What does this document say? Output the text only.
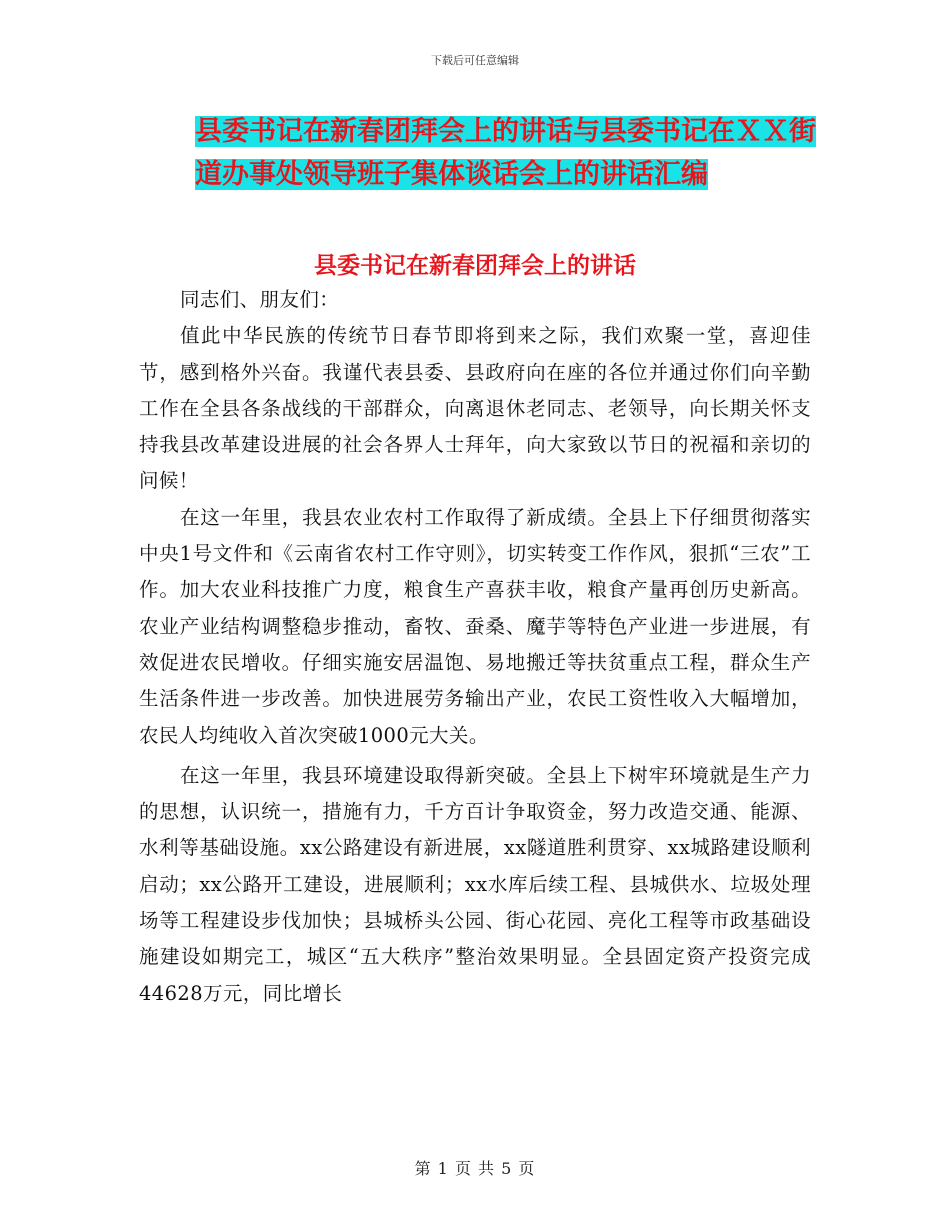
下载后可任意编辑
县委书记在新春团拜会上的讲话与县委书记在ＸＸ街
道办事处领导班子集体谈话会上的讲话汇编
县委书记在新春团拜会上的讲话

同志们、朋友们：

值此中华民族的传统节日春节即将到来之际，我们欢聚一堂，喜迎佳节，感到格外兴奋。我谨代表县委、县政府向在座的各位并通过你们向辛勤工作在全县各条战线的干部群众，向离退休老同志、老领导，向长期关怀支持我县改革建设进展的社会各界人士拜年，向大家致以节日的祝福和亲切的问候！

在这一年里，我县农业农村工作取得了新成绩。全县上下仔细贯彻落实中央1号文件和《云南省农村工作守则》，切实转变工作作风，狠抓“三农”工作。加大农业科技推广力度，粮食生产喜获丰收，粮食产量再创历史新高。农业产业结构调整稳步推动，畜牧、蚕桑、魔芋等特色产业进一步进展，有效促进农民增收。仔细实施安居温饱、易地搬迁等扶贫重点工程，群众生产生活条件进一步改善。加快进展劳务输出产业，农民工资性收入大幅增加，农民人均纯收入首次突破1000元大关。

在这一年里，我县环境建设取得新突破。全县上下树牢环境就是生产力的思想，认识统一，措施有力，千方百计争取资金，努力改造交通、能源、水利等基础设施。xx公路建设有新进展，xx隧道胜利贯穿、xx城路建设顺利启动；xx公路开工建设，进展顺利；xx水库后续工程、县城供水、垃圾处理场等工程建设步伐加快；县城桥头公园、街心花园、亮化工程等市政基础设施建设如期完工，城区“五大秩序”整治效果明显。全县固定资产投资完成44628万元，同比增长

第 1 页 共 5 页
